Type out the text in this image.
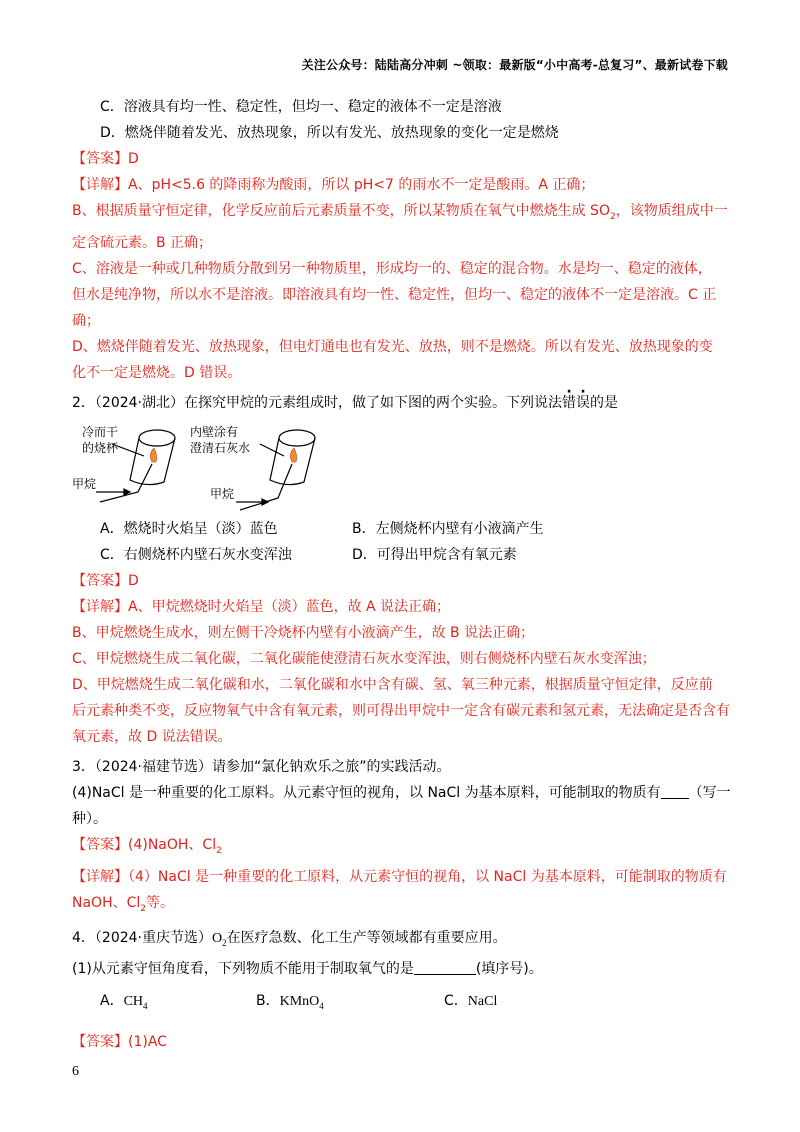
关注公众号：陆陆高分冲刺 ~领取：最新版“小中高考-总复习”、最新试卷下载
C．溶液具有均一性、稳定性，但均一、稳定的液体不一定是溶液
D．燃烧伴随着发光、放热现象，所以有发光、放热现象的变化一定是燃烧
【答案】D
【详解】A、pH<5.6 的降雨称为酸雨，所以 pH<7 的雨水不一定是酸雨。A 正确；
B、根据质量守恒定律，化学反应前后元素质量不变，所以某物质在氧气中燃烧生成 $SO_2$，该物质组成中一
定含硫元素。B 正确；
C、溶液是一种或几种物质分散到另一种物质里，形成均一的、稳定的混合物。水是均一、稳定的液体，
但水是纯净物，所以水不是溶液。即溶液具有均一性、稳定性，但均一、稳定的液体不一定是溶液。C 正
确；
D、燃烧伴随着发光、放热现象，但电灯通电也有发光、放热，则不是燃烧。所以有发光、放热现象的变
化不一定是燃烧。D 错误。
2．（2024·湖北）在探究甲烷的元素组成时，做了如下图的两个实验。下列说法错误的是
冷而干
的烧杯
甲烷
内壁涂有
澄清石灰水
甲烷
A．燃烧时火焰呈（淡）蓝色	B．左侧烧杯内壁有小液滴产生
C．右侧烧杯内壁石灰水变浑浊	D．可得出甲烷含有氧元素
【答案】D
【详解】A、甲烷燃烧时火焰呈（淡）蓝色，故 A 说法正确；
B、甲烷燃烧生成水，则左侧干冷烧杯内壁有小液滴产生，故 B 说法正确；
C、甲烷燃烧生成二氧化碳，二氧化碳能使澄清石灰水变浑浊，则右侧烧杯内壁石灰水变浑浊；
D、甲烷燃烧生成二氧化碳和水，二氧化碳和水中含有碳、氢、氧三种元素，根据质量守恒定律，反应前
后元素种类不变，反应物氧气中含有氧元素，则可得出甲烷中一定含有碳元素和氢元素，无法确定是否含有
氧元素，故 D 说法错误。
3．（2024·福建节选）请参加“氯化钠欢乐之旅”的实践活动。
(4)NaCl 是一种重要的化工原料。从元素守恒的视角，以 NaCl 为基本原料，可能制取的物质有 （写一
种）。
【答案】(4)NaOH、$Cl_2$
【详解】（4）NaCl 是一种重要的化工原料，从元素守恒的视角，以 NaCl 为基本原料，可能制取的物质有
NaOH、$Cl_2$等。
4．（2024·重庆节选）$O_2$在医疗急数、化工生产等领域都有重要应用。
(1)从元素守恒角度看，下列物质不能用于制取氧气的是	(填序号)。
A．$CH_4$	B．KMnO$_4$	C．NaCl
【答案】(1)AC
6
